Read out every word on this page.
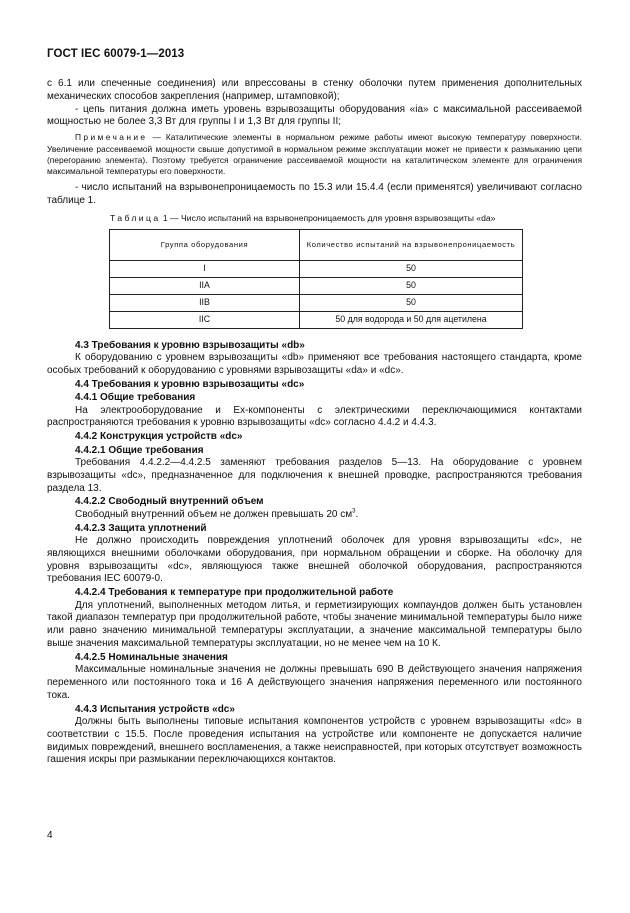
ГОСТ IEC 60079-1—2013

с 6.1 или спеченные соединения) или впрессованы в стенку оболочки путем применения дополнительных механических способов закрепления (например, штамповкой);

- цепь питания должна иметь уровень взрывозащиты оборудования «ia» с максимальной рассеиваемой мощностью не более 3,3 Вт для группы I и 1,3 Вт для группы II;

Примечание — Каталитические элементы в нормальном режиме работы имеют высокую температуру поверхности. Увеличение рассеиваемой мощности свыше допустимой в нормальном режиме эксплуатации может не привести к размыканию цепи (перегоранию элемента). Поэтому требуется ограничение рассеиваемой мощности на каталитическом элементе для ограничения максимальной температуры его поверхности.

- число испытаний на взрывонепроницаемость по 15.3 или 15.4.4 (если применятся) увеличивают согласно таблице 1.

Таблица 1 — Число испытаний на взрывонепроницаемость для уровня взрывозащиты «da»

Группа оборудования	Количество испытаний на взрывонепроницаемость
I	50
IIA	50
IIB	50
IIC	50 для водорода и 50 для ацетилена
4.3 Требования к уровню взрывозащиты «db»

К оборудованию с уровнем взрывозащиты «db» применяют все требования настоящего стандарта, кроме особых требований к оборудованию с уровнями взрывозащиты «da» и «dc».

4.4 Требования к уровню взрывозащиты «dc»
4.4.1 Общие требования

На электрооборудование и Ex-компоненты с электрическими переключающимися контактами распространяются требования к уровню взрывозащиты «dc» согласно 4.4.2 и 4.4.3.

4.4.2 Конструкция устройств «dc»
4.4.2.1 Общие требования

Требования 4.4.2.2—4.4.2.5 заменяют требования разделов 5—13. На оборудование с уровнем взрывозащиты «dc», предназначенное для подключения к внешней проводке, распространяются требования раздела 13.

4.4.2.2 Свободный внутренний объем

Свободный внутренний объем не должен превышать 20 $см^3$.

4.4.2.3 Защита уплотнений

Не должно происходить повреждения уплотнений оболочек для уровня взрывозащиты «dc», не являющихся внешними оболочками оборудования, при нормальном обращении и сборке. На оболочку для уровня взрывозащиты «dc», являющуюся также внешней оболочкой оборудования, распространяются требования IEC 60079-0.

4.4.2.4 Требования к температуре при продолжительной работе

Для уплотнений, выполненных методом литья, и герметизирующих компаундов должен быть установлен такой диапазон температур при продолжительной работе, чтобы значение минимальной температуры было ниже или равно значению минимальной температуры эксплуатации, а значение максимальной температуры было выше значения максимальной температуры эксплуатации, но не менее чем на 10 К.

4.4.2.5 Номинальные значения

Максимальные номинальные значения не должны превышать 690 В действующего значения напряжения переменного или постоянного тока и 16 А действующего значения напряжения переменного или постоянного тока.

4.4.3 Испытания устройств «dc»

Должны быть выполнены типовые испытания компонентов устройств с уровнем взрывозащиты «dc» в соответствии с 15.5. После проведения испытания на устройстве или компоненте не допускается наличие видимых повреждений, внешнего воспламенения, а также неисправностей, при которых отсутствует возможность гашения искры при размыкании переключающихся контактов.

4
